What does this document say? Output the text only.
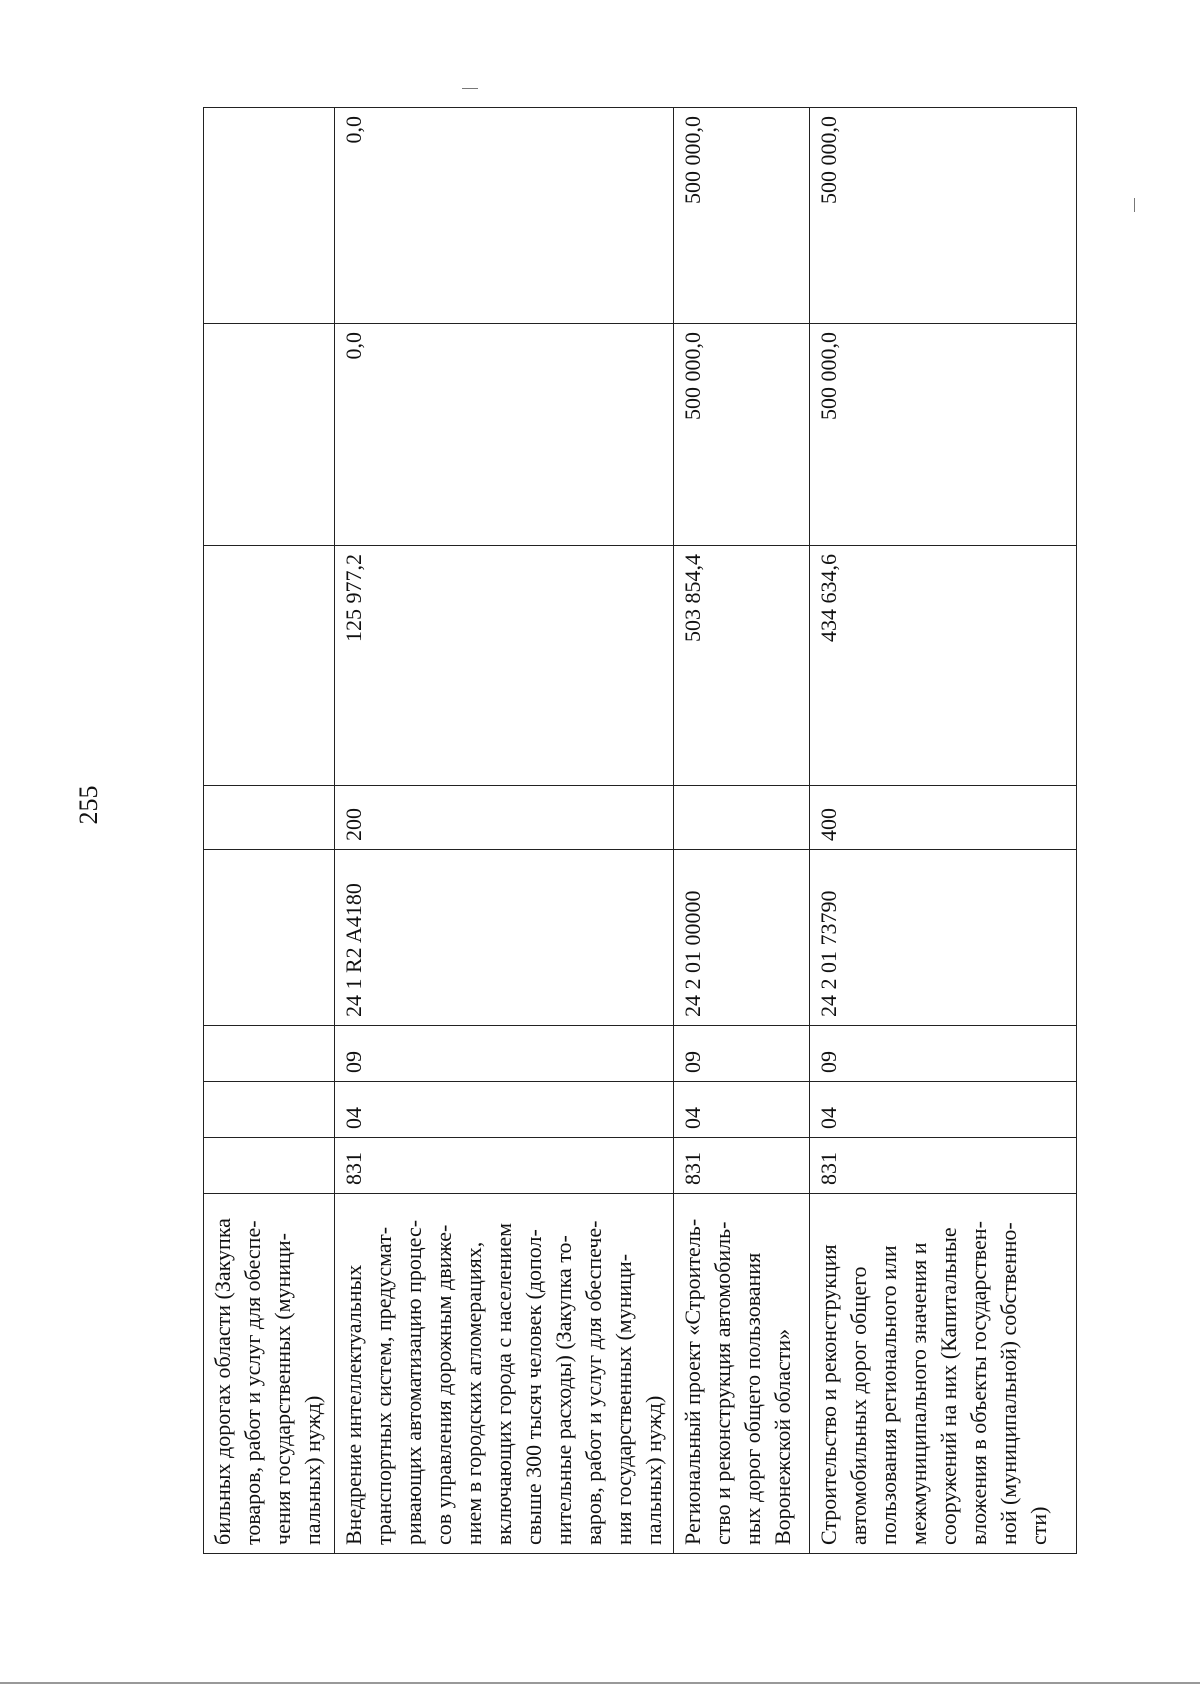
255
бильных дорогах области (Закупка товаров, работ и услуг для обеспе-чения государственных (муници-пальных) нужд)								
Внедрение интеллектуальных транспортных систем, предусмат-ривающих автоматизацию процес-сов управления дорожным движе-нием в городских агломерациях, включающих города с населением свыше 300 тысяч человек (допол-нительные расходы) (Закупка то-варов, работ и услуг для обеспече-ния государственных (муници-пальных) нужд)	831	04	09	24 1 R2 A4180	200	125 977,2	0,0	0,0
Региональный проект «Строитель-ство и реконструкция автомобиль-ных дорог общего пользования Воронежской области»	831	04	09	24 2 01 00000		503 854,4	500 000,0	500 000,0
Строительство и реконструкция автомобильных дорог общего пользования регионального или межмуниципального значения и сооружений на них (Капитальные вложения в объекты государствен-ной (муниципальной) собственно-сти)	831	04	09	24 2 01 73790	400	434 634,6	500 000,0	500 000,0
